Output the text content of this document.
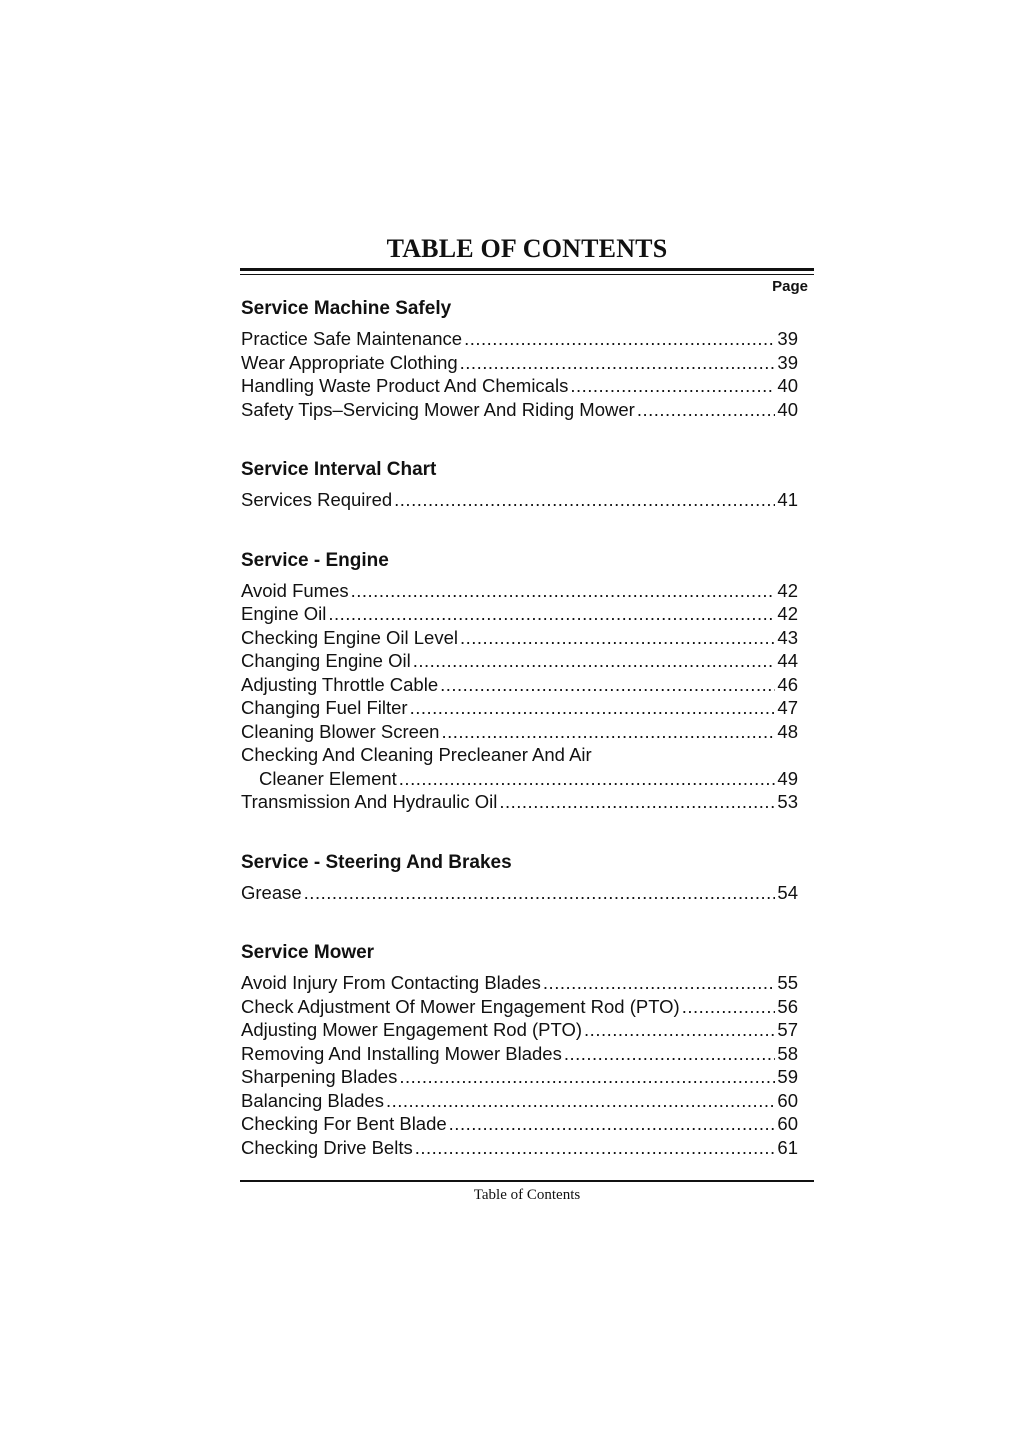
TABLE OF CONTENTS
Page
Service Machine Safely
Practice Safe Maintenance .....	39
Wear Appropriate Clothing .....	39
Handling Waste Product And Chemicals .....	40
Safety Tips–Servicing Mower And Riding Mower .....	40
Service Interval Chart
Services Required .....	41
Service - Engine
Avoid Fumes .....	42
Engine Oil .....	42
Checking Engine Oil Level .....	43
Changing Engine Oil .....	44
Adjusting Throttle Cable .....	46
Changing Fuel Filter .....	47
Cleaning Blower Screen .....	48
Checking And Cleaning Precleaner And Air
Cleaner Element .....	49
Transmission And Hydraulic Oil .....	53
Service - Steering And Brakes
Grease .....	54
Service Mower
Avoid Injury From Contacting Blades .....	55
Check Adjustment Of Mower Engagement Rod (PTO) .....	56
Adjusting Mower Engagement Rod (PTO) .....	57
Removing And Installing Mower Blades .....	58
Sharpening Blades .....	59
Balancing Blades .....	60
Checking For Bent Blade .....	60
Checking Drive Belts .....	61
Table of Contents
